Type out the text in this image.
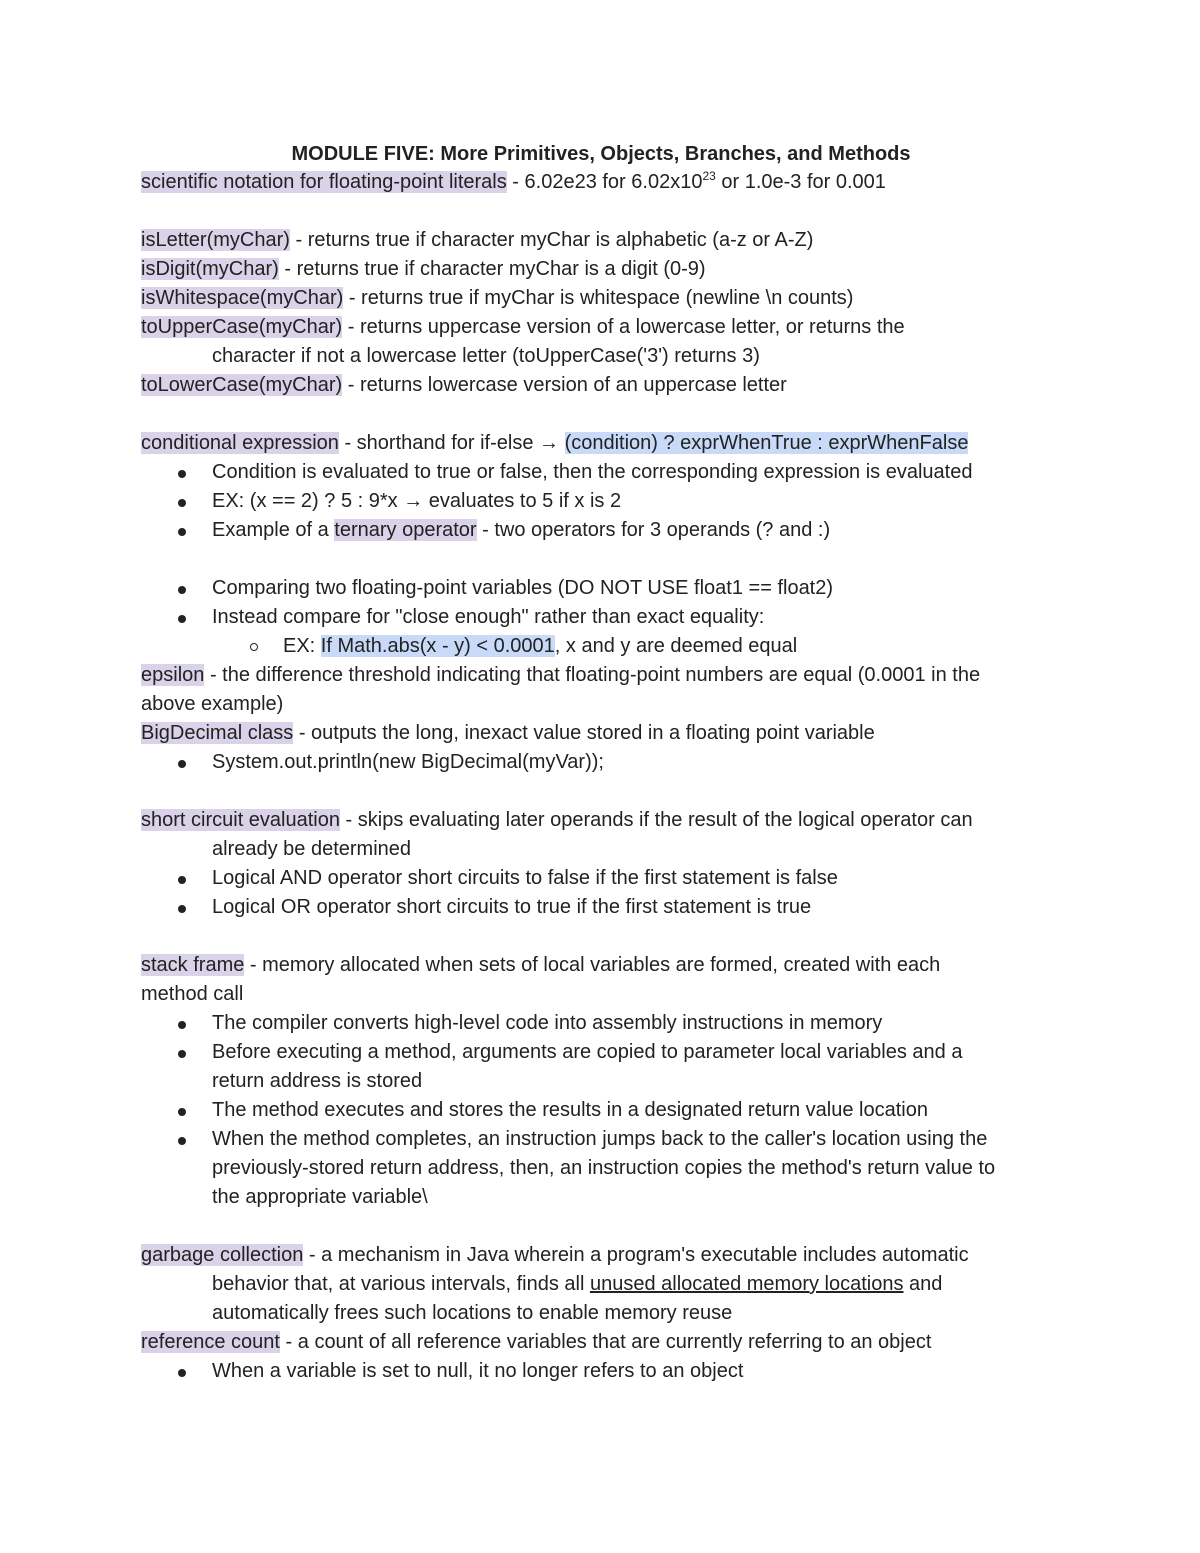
MODULE FIVE: More Primitives, Objects, Branches, and Methods

scientific notation for floating-point literals - 6.02e23 for $6.02x10^{23}$ or 1.0e-3 for 0.001

isLetter(myChar) - returns true if character myChar is alphabetic (a-z or A-Z)

isDigit(myChar) - returns true if character myChar is a digit (0-9)

isWhitespace(myChar) - returns true if myChar is whitespace (newline \n counts)

toUpperCase(myChar) - returns uppercase version of a lowercase letter, or returns the

character if not a lowercase letter (toUpperCase('3') returns 3)

toLowerCase(myChar) - returns lowercase version of an uppercase letter

conditional expression - shorthand for if-else → (condition) ? exprWhenTrue : exprWhenFalse

Condition is evaluated to true or false, then the corresponding expression is evaluated

EX: (x == 2) ? 5 : 9*x → evaluates to 5 if x is 2

Example of a ternary operator - two operators for 3 operands (? and :)

Comparing two floating-point variables (DO NOT USE float1 == float2)

Instead compare for "close enough" rather than exact equality:

EX: If Math.abs(x - y) < 0.0001, x and y are deemed equal

epsilon - the difference threshold indicating that floating-point numbers are equal (0.0001 in the

above example)

BigDecimal class - outputs the long, inexact value stored in a floating point variable

System.out.println(new BigDecimal(myVar));

short circuit evaluation - skips evaluating later operands if the result of the logical operator can

already be determined

Logical AND operator short circuits to false if the first statement is false

Logical OR operator short circuits to true if the first statement is true

stack frame - memory allocated when sets of local variables are formed, created with each

method call

The compiler converts high-level code into assembly instructions in memory

Before executing a method, arguments are copied to parameter local variables and a

return address is stored

The method executes and stores the results in a designated return value location

When the method completes, an instruction jumps back to the caller's location using the

previously-stored return address, then, an instruction copies the method's return value to

the appropriate variable\

garbage collection - a mechanism in Java wherein a program's executable includes automatic

behavior that, at various intervals, finds all unused allocated memory locations and

automatically frees such locations to enable memory reuse

reference count - a count of all reference variables that are currently referring to an object

When a variable is set to null, it no longer refers to an object
